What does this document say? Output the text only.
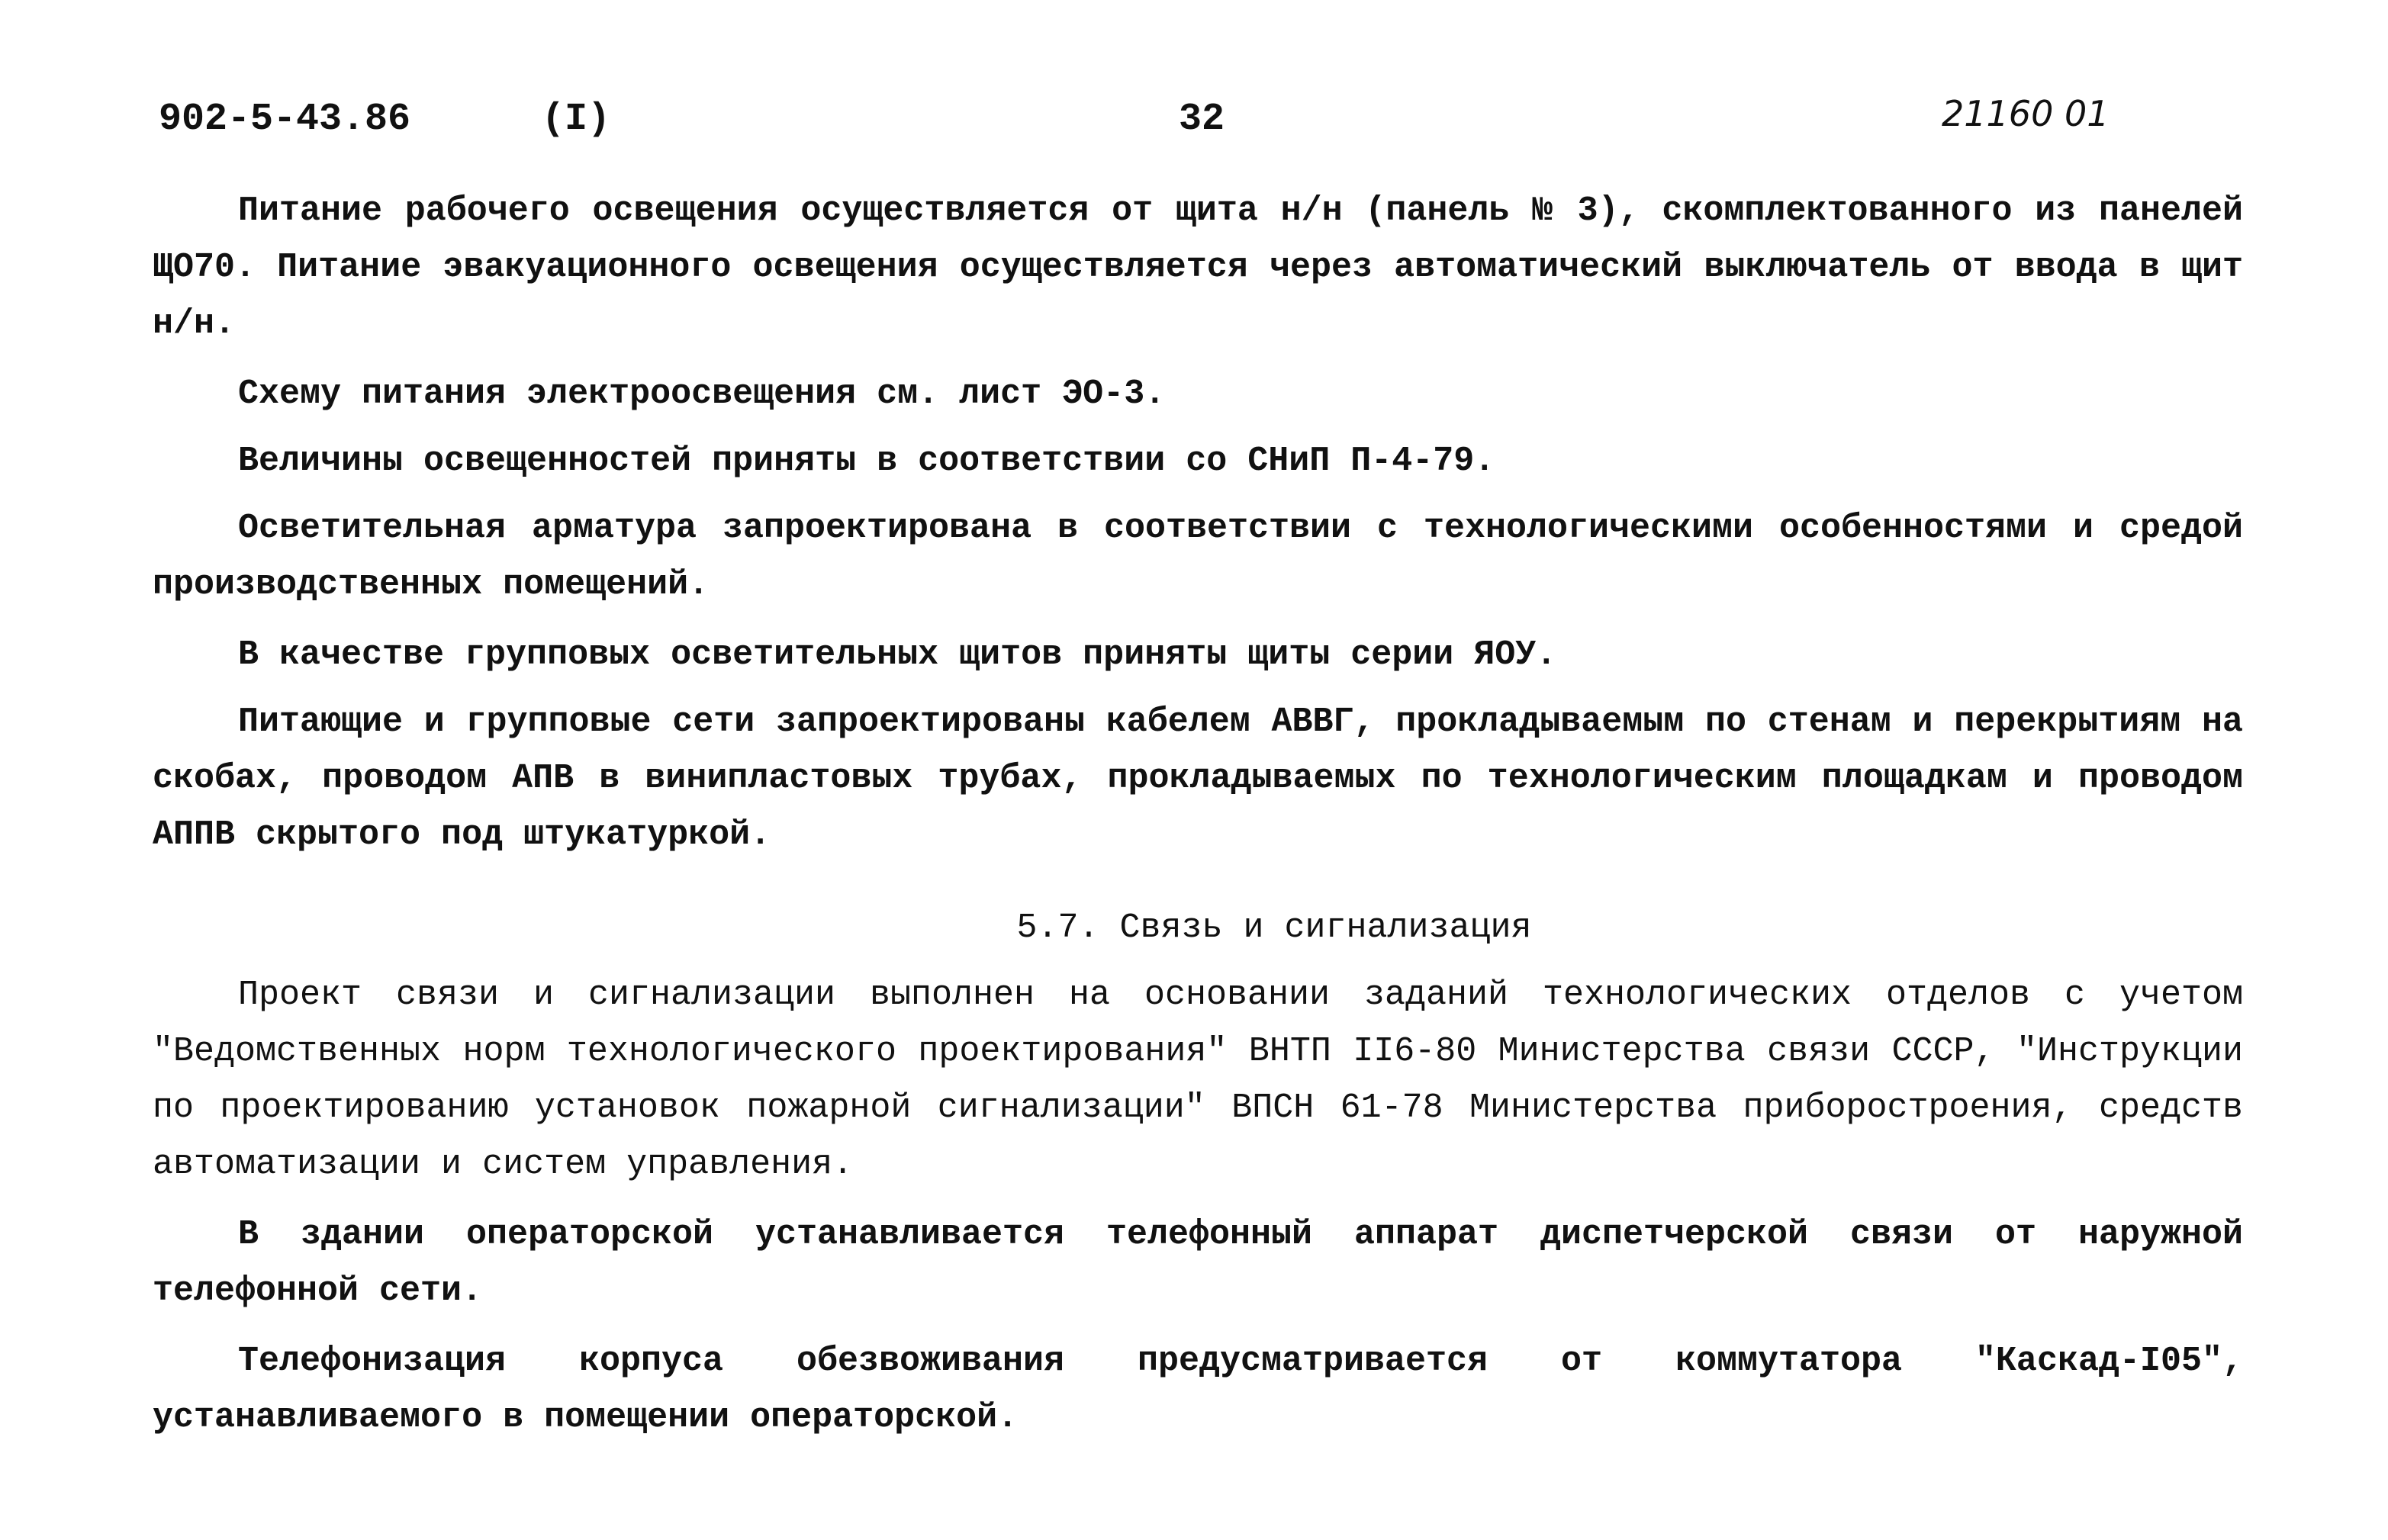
902-5-43.86	(I)	32	21160 01

Питание рабочего освещения осуществляется от щита н/н (панель № 3), скомплектованного из панелей ЩО70. Питание эвакуационного освещения осуществляется через автоматический выключатель от ввода в щит н/н.

Схему питания электроосвещения см. лист ЭО-3.

Величины освещенностей приняты в соответствии со СНиП П-4-79.

Осветительная арматура запроектирована в соответствии с технологическими особенностями и средой производственных помещений.

В качестве групповых осветительных щитов приняты щиты серии ЯОУ.

Питающие и групповые сети запроектированы кабелем АВВГ, прокладываемым по стенам и перекрытиям на скобах, проводом АПВ в винипластовых трубах, прокладываемых по технологическим площадкам и проводом АППВ скрытого под штукатуркой.

5.7. Связь и сигнализация

Проект связи и сигнализации выполнен на основании заданий технологических отделов с учетом "Ведомственных норм технологического проектирования" ВНТП II6-80 Министерства связи СССР, "Инструкции по проектированию установок пожарной сигнализации" ВПСН 61-78 Министерства приборостроения, средств автоматизации и систем управления.

В здании операторской устанавливается телефонный аппарат диспетчерской связи от наружной телефонной сети.

Телефонизация корпуса обезвоживания предусматривается от коммутатора "Каскад-I05", устанавливаемого в помещении операторской.
